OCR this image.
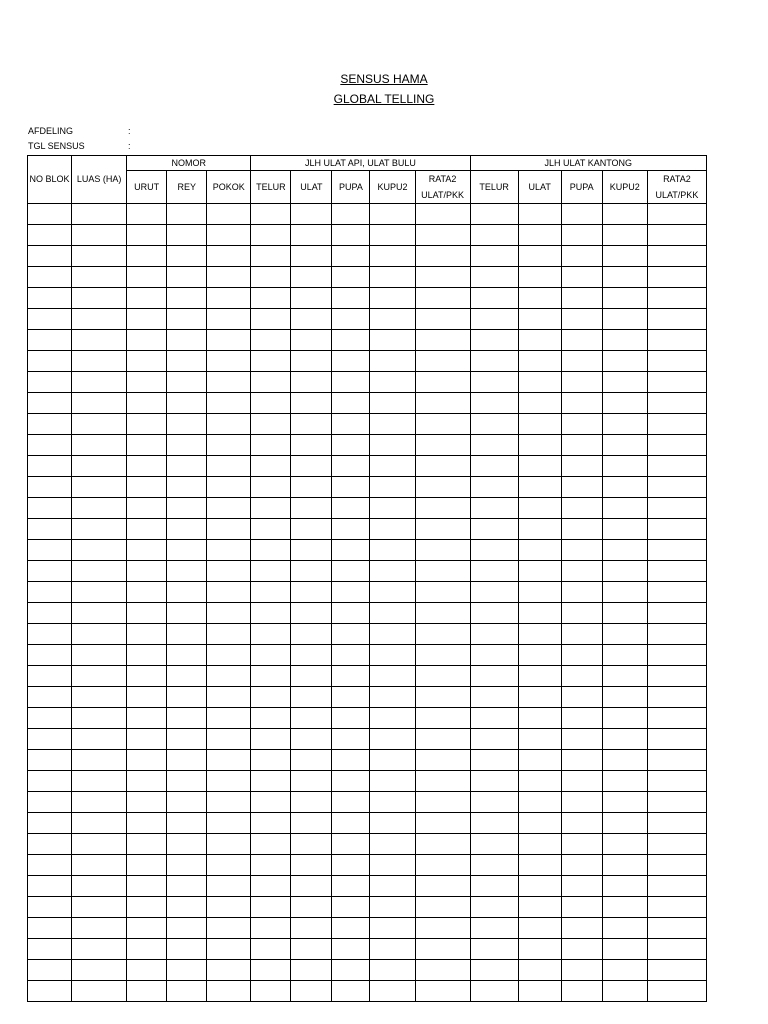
SENSUS HAMA
GLOBAL TELLING
AFDELING	:
TGL SENSUS	:
NO BLOK	LUAS (HA)	NOMOR			JLH ULAT API, ULAT BULU					JLH ULAT KANTONG				
		URUT	REY	POKOK	TELUR	ULAT	PUPA	KUPU2	RATA2 ULAT/PKK	TELUR	ULAT	PUPA	KUPU2	RATA2 ULAT/PKK
